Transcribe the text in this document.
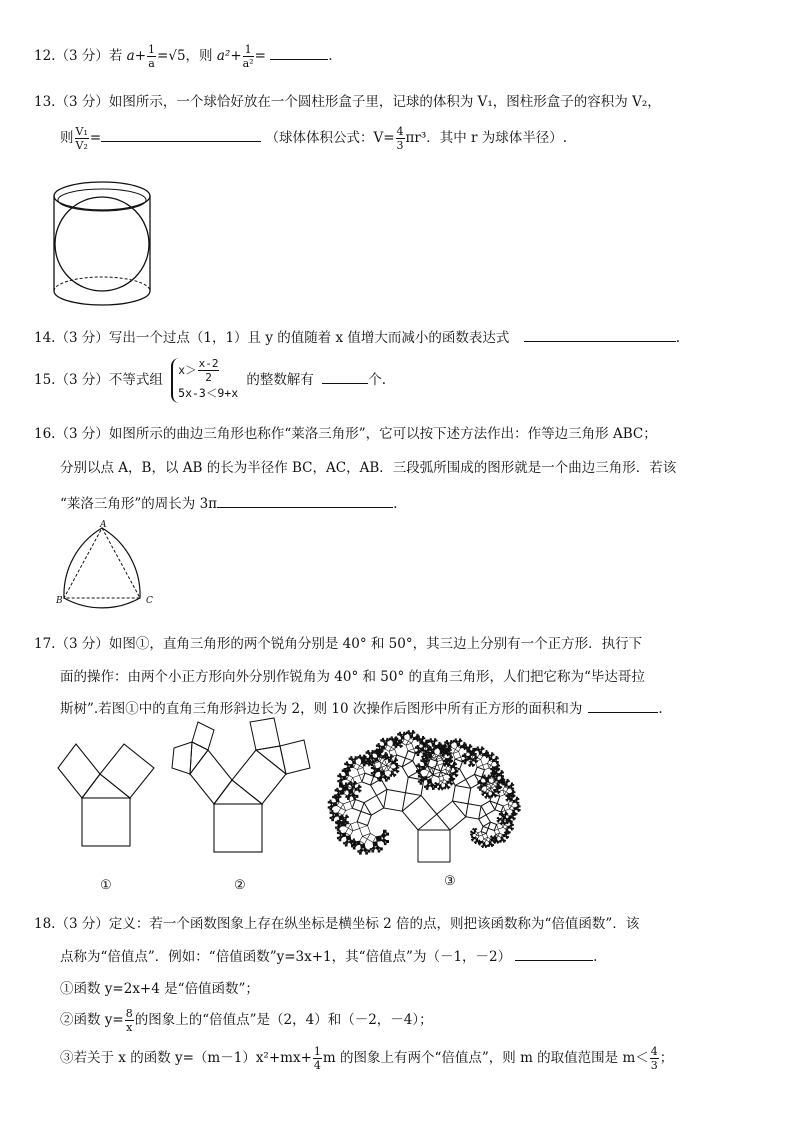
12.（3 分）若 $a+ \frac{1}{a} =√5$，则 $a^2+ \frac{1}{\text{a²}}$ =	.
13.（3 分）如图所示，一个球恰好放在一个圆柱形盒子里，记球的体积为 V₁，图柱形盒子的容积为 V₂，
则 $\frac{\text{V₁}}{\text{V₂}}$ =	（球体体积公式：$V= \frac{4}{3} \pi r^3$．其中 r 为球体半径）.
14.（3 分）写出一个过点（1，1）且 y 的值随着 x 值增大而减小的函数表达式	.
15.（3 分）不等式组
$x> \frac{x-2}{2}$
5x-3＜9+x
的整数解有	个.
16.（3 分）如图所示的曲边三角形也称作“莱洛三角形”，它可以按下述方法作出：作等边三角形 ABC；
分别以点 A，B，以 AB 的长为半径作 BC，AC，AB．三段弧所围成的图形就是一个曲边三角形．若该
“莱洛三角形”的周长为 3π	.
A
B	C
17.（3 分）如图①，直角三角形的两个锐角分别是 40° 和 50°，其三边上分别有一个正方形．执行下
面的操作：由两个小正方形向外分别作锐角为 40° 和 50° 的直角三角形，人们把它称为“毕达哥拉
斯树”.若图①中的直角三角形斜边长为 2，则 10 次操作后图形中所有正方形的面积和为	.
①	②	③
18.（3 分）定义：若一个函数图象上存在纵坐标是横坐标 2 倍的点，则把该函数称为“倍值函数”．该
点称为“倍值点”．例如：“倍值函数”y=3x+1，其“倍值点”为（－1，－2）	.
①函数 y=2x+4 是“倍值函数”；
②函数 $y= \frac{8}{x}$ 的图象上的“倍值点”是（2，4）和（－2，－4）；
③若关于 x 的函数 $y=(m-1)x^2+mx+ \frac{1}{4}$ m 的图象上有两个“倍值点”，则 m 的取值范围是 $m< \frac{4}{3}$ ；
